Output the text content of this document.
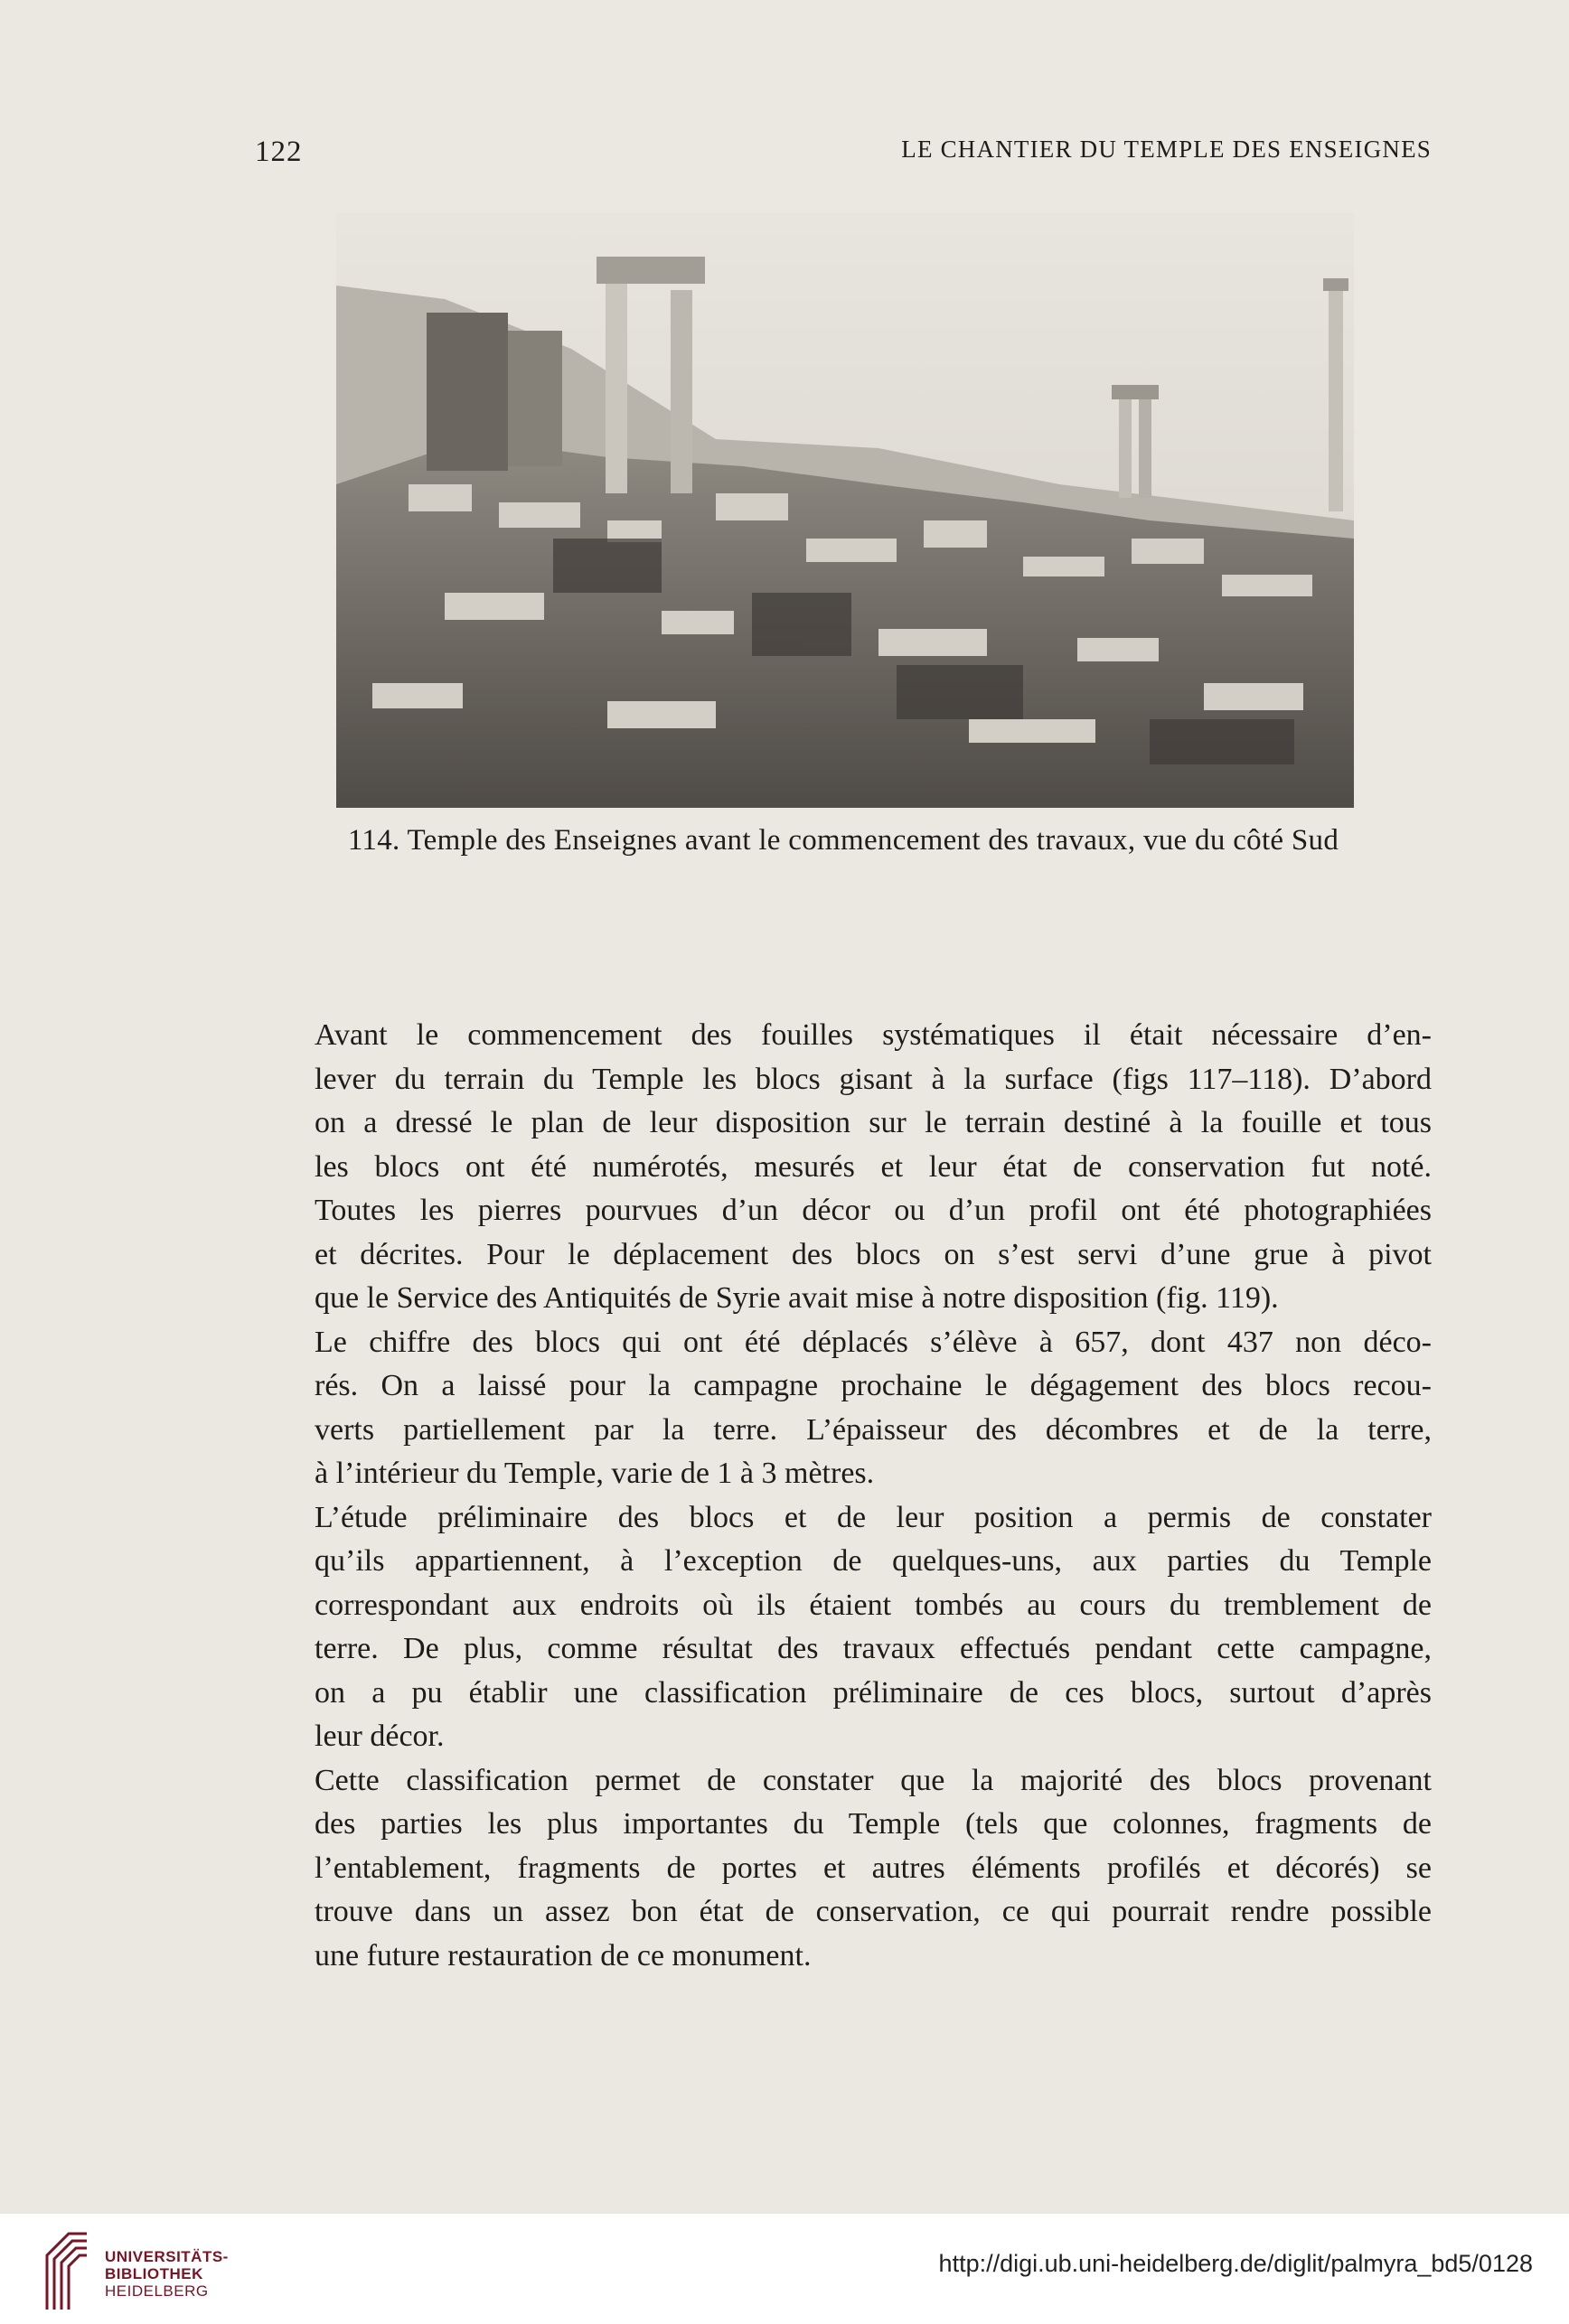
122	LE CHANTIER DU TEMPLE DES ENSEIGNES
114. Temple des Enseignes avant le commencement des travaux, vue du côté Sud

Avant le commencement des fouilles systématiques il était nécessaire d’en-
lever du terrain du Temple les blocs gisant à la surface (figs 117–118). D’abord
on a dressé le plan de leur disposition sur le terrain destiné à la fouille et tous
les blocs ont été numérotés, mesurés et leur état de conservation fut noté.
Toutes les pierres pourvues d’un décor ou d’un profil ont été photographiées
et décrites. Pour le déplacement des blocs on s’est servi d’une grue à pivot
que le Service des Antiquités de Syrie avait mise à notre disposition (fig. 119).

Le chiffre des blocs qui ont été déplacés s’élève à 657, dont 437 non déco-
rés. On a laissé pour la campagne prochaine le dégagement des blocs recou-
verts partiellement par la terre. L’épaisseur des décombres et de la terre,
à l’intérieur du Temple, varie de 1 à 3 mètres.

L’étude préliminaire des blocs et de leur position a permis de constater
qu’ils appartiennent, à l’exception de quelques-uns, aux parties du Temple
correspondant aux endroits où ils étaient tombés au cours du tremblement de
terre. De plus, comme résultat des travaux effectués pendant cette campagne,
on a pu établir une classification préliminaire de ces blocs, surtout d’après
leur décor.

Cette classification permet de constater que la majorité des blocs provenant
des parties les plus importantes du Temple (tels que colonnes, fragments de
l’entablement, fragments de portes et autres éléments profilés et décorés) se
trouve dans un assez bon état de conservation, ce qui pourrait rendre possible
une future restauration de ce monument.

UNIVERSITÄTS-
BIBLIOTHEK
HEIDELBERG
http://digi.ub.uni-heidelberg.de/diglit/palmyra_bd5/0128
